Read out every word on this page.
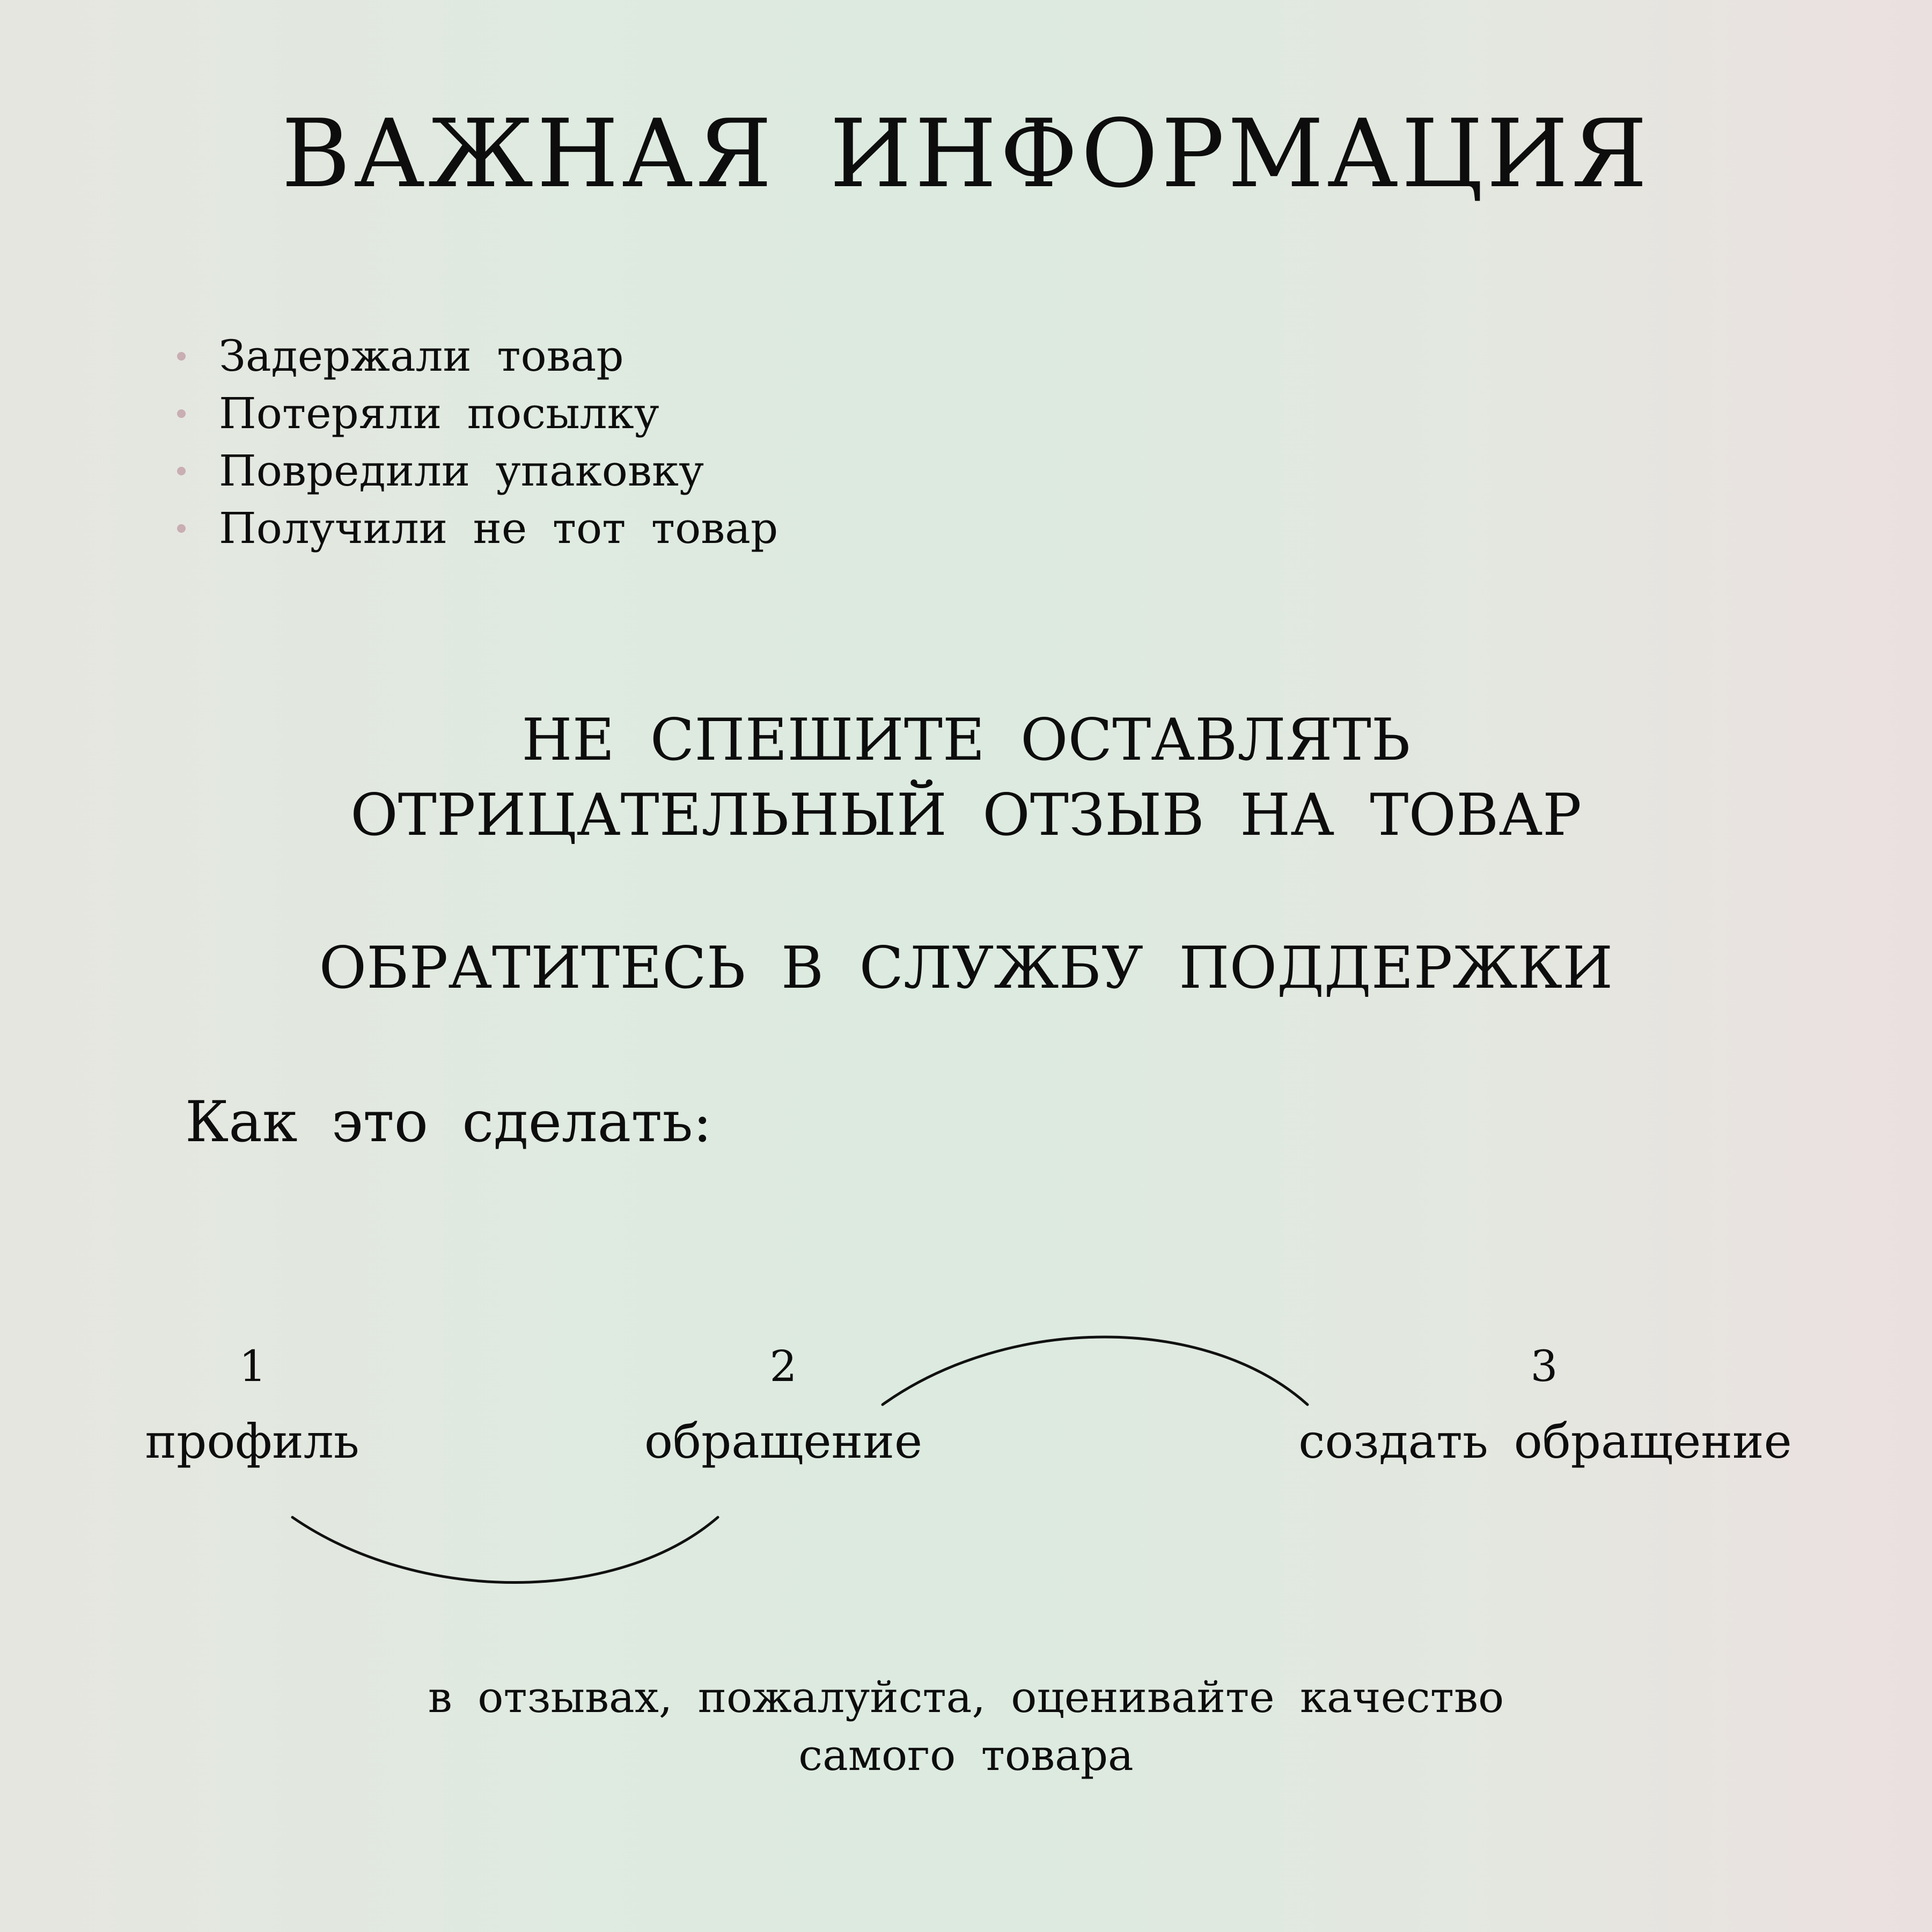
ВАЖНАЯ ИНФОРМАЦИЯ
Задержали товар
Потеряли посылку
Повредили упаковку
Получили не тот товар
НЕ СПЕШИТЕ ОСТАВЛЯТЬ
ОТРИЦАТЕЛЬНЫЙ ОТЗЫВ НА ТОВАР
ОБРАТИТЕСЬ В СЛУЖБУ ПОДДЕРЖКИ
Как это сделать:
1	2	3
профиль	обращение	создать обращение
в отзывах, пожалуйста, оценивайте качество
самого товара
